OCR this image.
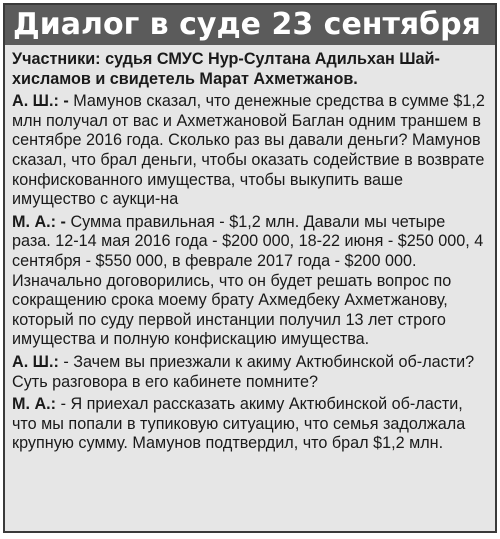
Диалог в суде 23 сентября

Участники: судья СМУС Нур-Султана Адильхан Шай-хисламов и свидетель Марат Ахметжанов.

А. Ш.: - Мамунов сказал, что денежные средства в сумме $1,2 млн получал от вас и Ахметжановой Баглан одним траншем в сентябре 2016 года. Сколько раз вы давали деньги? Мамунов сказал, что брал деньги, чтобы оказать содействие в возврате конфискованного имущества, чтобы выкупить ваше имущество с аукци-на

М. А.: - Сумма правильная - $1,2 млн. Давали мы четыре раза. 12-14 мая 2016 года - $200 000, 18-22 июня - $250 000, 4 сентября - $550 000, в феврале 2017 года - $200 000. Изначально договорились, что он будет решать вопрос по сокращению срока моему брату Ахмедбеку Ахметжанову, который по суду первой инстанции получил 13 лет строго имущества и полную конфискацию имущества.

А. Ш.: - Зачем вы приезжали к акиму Актюбинской об-ласти? Суть разговора в его кабинете помните?

М. А.: - Я приехал рассказать акиму Актюбинской об-ласти, что мы попали в тупиковую ситуацию, что семья задолжала крупную сумму. Мамунов подтвердил, что брал $1,2 млн.
